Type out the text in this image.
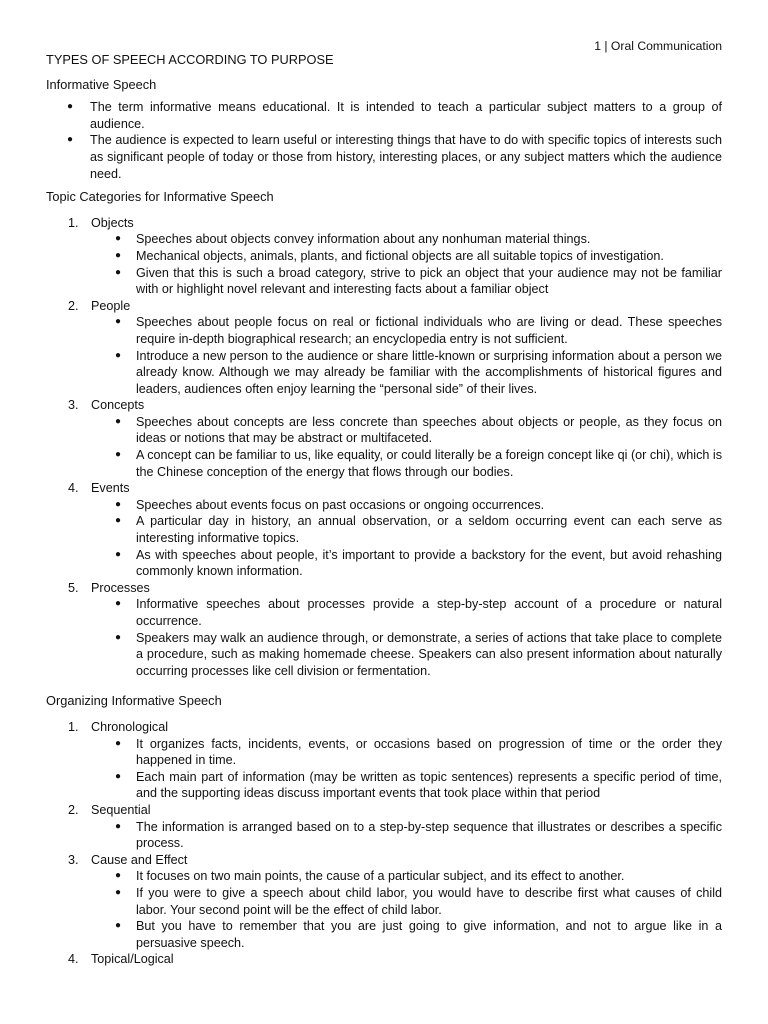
1 | Oral Communication
TYPES OF SPEECH ACCORDING TO PURPOSE
Informative Speech
● The term informative means educational. It is intended to teach a particular subject matters to a group of audience.
● The audience is expected to learn useful or interesting things that have to do with specific topics of interests such as significant people of today or those from history, interesting places, or any subject matters which the audience need.
Topic Categories for Informative Speech
1. Objects
● Speeches about objects convey information about any nonhuman material things.
● Mechanical objects, animals, plants, and fictional objects are all suitable topics of investigation.
● Given that this is such a broad category, strive to pick an object that your audience may not be familiar with or highlight novel relevant and interesting facts about a familiar object
2. People
● Speeches about people focus on real or fictional individuals who are living or dead. These speeches require in-depth biographical research; an encyclopedia entry is not sufficient.
● Introduce a new person to the audience or share little-known or surprising information about a person we already know. Although we may already be familiar with the accomplishments of historical figures and leaders, audiences often enjoy learning the “personal side” of their lives.
3. Concepts
● Speeches about concepts are less concrete than speeches about objects or people, as they focus on ideas or notions that may be abstract or multifaceted.
● A concept can be familiar to us, like equality, or could literally be a foreign concept like qi (or chi), which is the Chinese conception of the energy that flows through our bodies.
4. Events
● Speeches about events focus on past occasions or ongoing occurrences.
● A particular day in history, an annual observation, or a seldom occurring event can each serve as interesting informative topics.
● As with speeches about people, it’s important to provide a backstory for the event, but avoid rehashing commonly known information.
5. Processes
● Informative speeches about processes provide a step-by-step account of a procedure or natural occurrence.
● Speakers may walk an audience through, or demonstrate, a series of actions that take place to complete a procedure, such as making homemade cheese. Speakers can also present information about naturally occurring processes like cell division or fermentation.
Organizing Informative Speech
1. Chronological
● It organizes facts, incidents, events, or occasions based on progression of time or the order they happened in time.
● Each main part of information (may be written as topic sentences) represents a specific period of time, and the supporting ideas discuss important events that took place within that period
2. Sequential
● The information is arranged based on to a step-by-step sequence that illustrates or describes a specific process.
3. Cause and Effect
● It focuses on two main points, the cause of a particular subject, and its effect to another.
● If you were to give a speech about child labor, you would have to describe first what causes of child labor. Your second point will be the effect of child labor.
● But you have to remember that you are just going to give information, and not to argue like in a persuasive speech.
4. Topical/Logical
